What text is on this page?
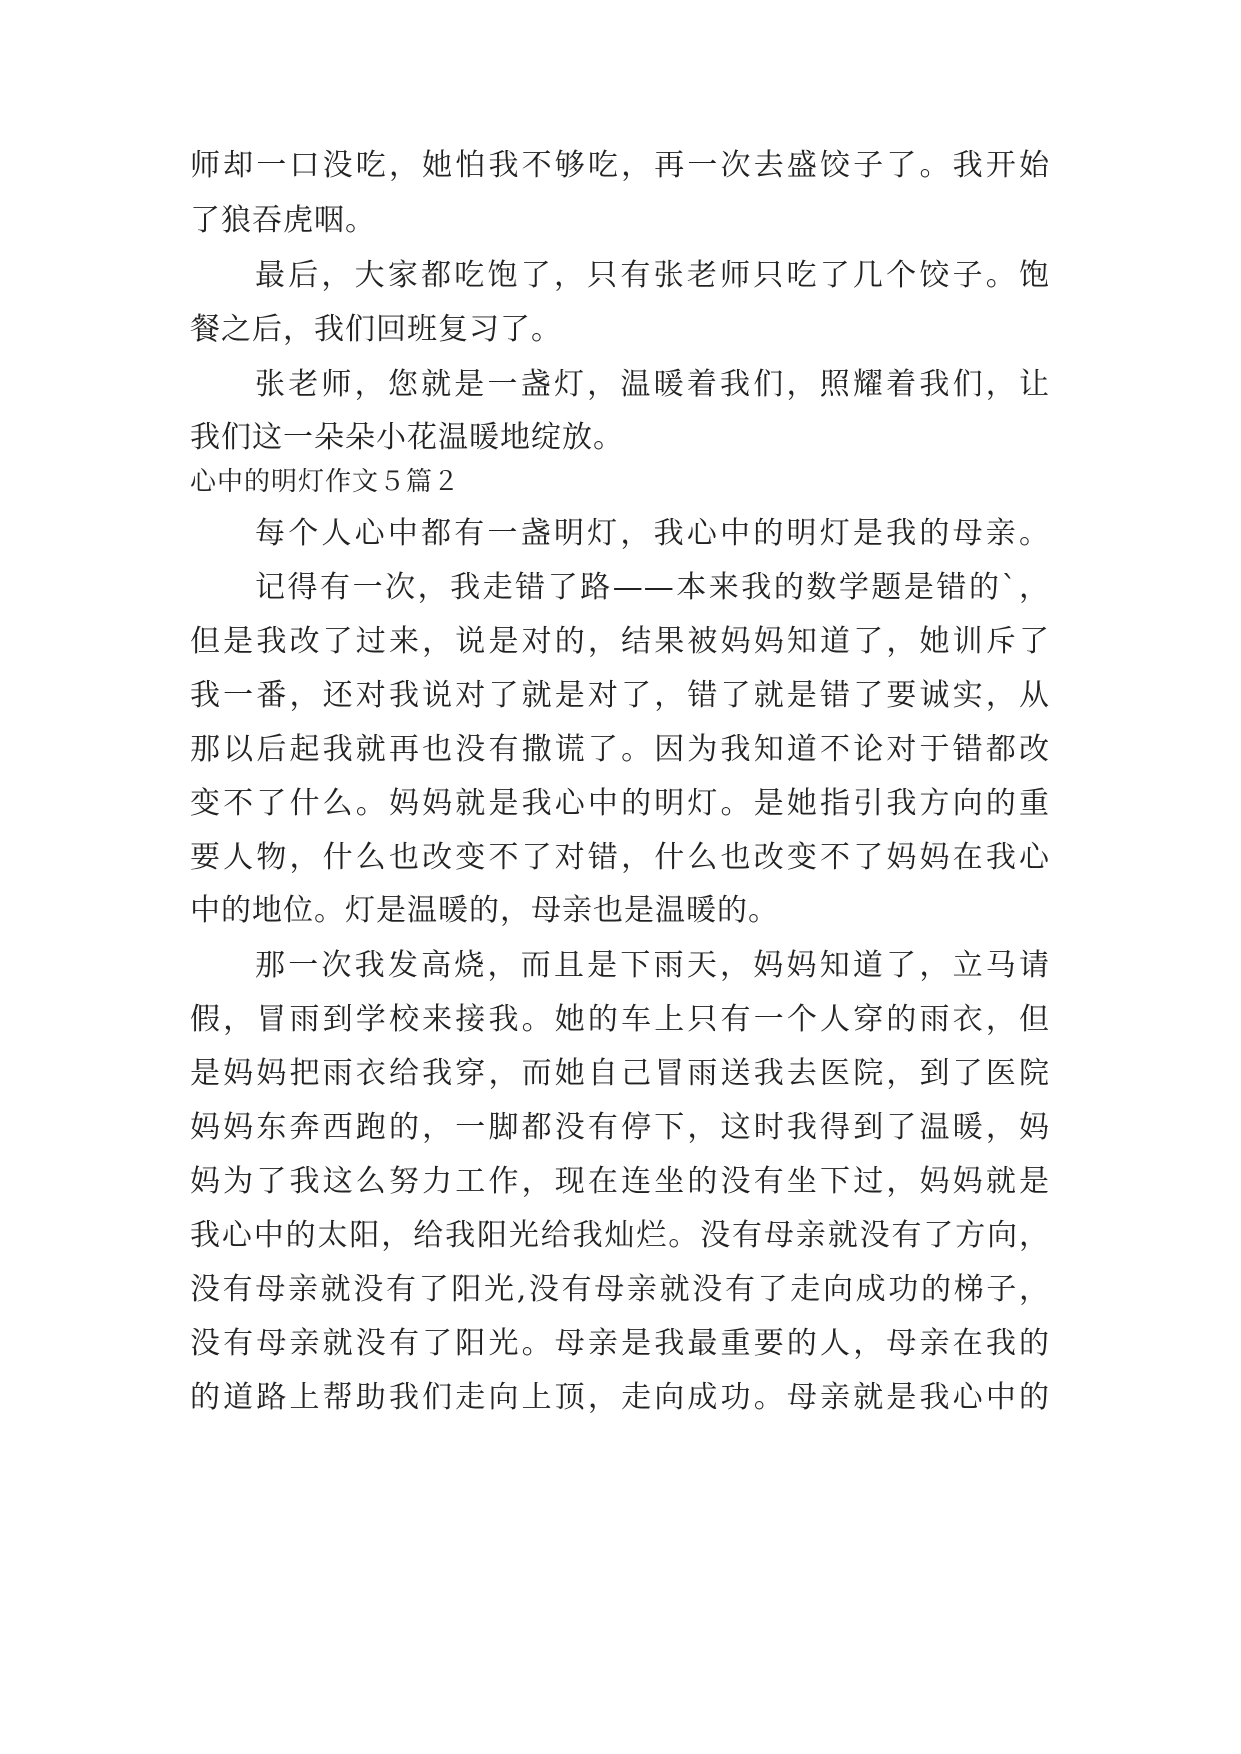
师却一口没吃，她怕我不够吃，再一次去盛饺子了。我开始

了狼吞虎咽。

最后，大家都吃饱了，只有张老师只吃了几个饺子。饱

餐之后，我们回班复习了。

张老师，您就是一盏灯，温暖着我们，照耀着我们，让

我们这一朵朵小花温暖地绽放。

心中的明灯作文５篇２

每个人心中都有一盏明灯，我心中的明灯是我的母亲。

记得有一次，我走错了路——本来我的数学题是错的`，

但是我改了过来，说是对的，结果被妈妈知道了，她训斥了

我一番，还对我说对了就是对了，错了就是错了要诚实，从

那以后起我就再也没有撒谎了。因为我知道不论对于错都改

变不了什么。妈妈就是我心中的明灯。是她指引我方向的重

要人物，什么也改变不了对错，什么也改变不了妈妈在我心

中的地位。灯是温暖的，母亲也是温暖的。

那一次我发高烧，而且是下雨天，妈妈知道了，立马请

假，冒雨到学校来接我。她的车上只有一个人穿的雨衣，但

是妈妈把雨衣给我穿，而她自己冒雨送我去医院，到了医院

妈妈东奔西跑的，一脚都没有停下，这时我得到了温暖，妈

妈为了我这么努力工作，现在连坐的没有坐下过，妈妈就是

我心中的太阳，给我阳光给我灿烂。没有母亲就没有了方向，

没有母亲就没有了阳光,没有母亲就没有了走向成功的梯子，

没有母亲就没有了阳光。母亲是我最重要的人，母亲在我的

的道路上帮助我们走向上顶，走向成功。母亲就是我心中的
